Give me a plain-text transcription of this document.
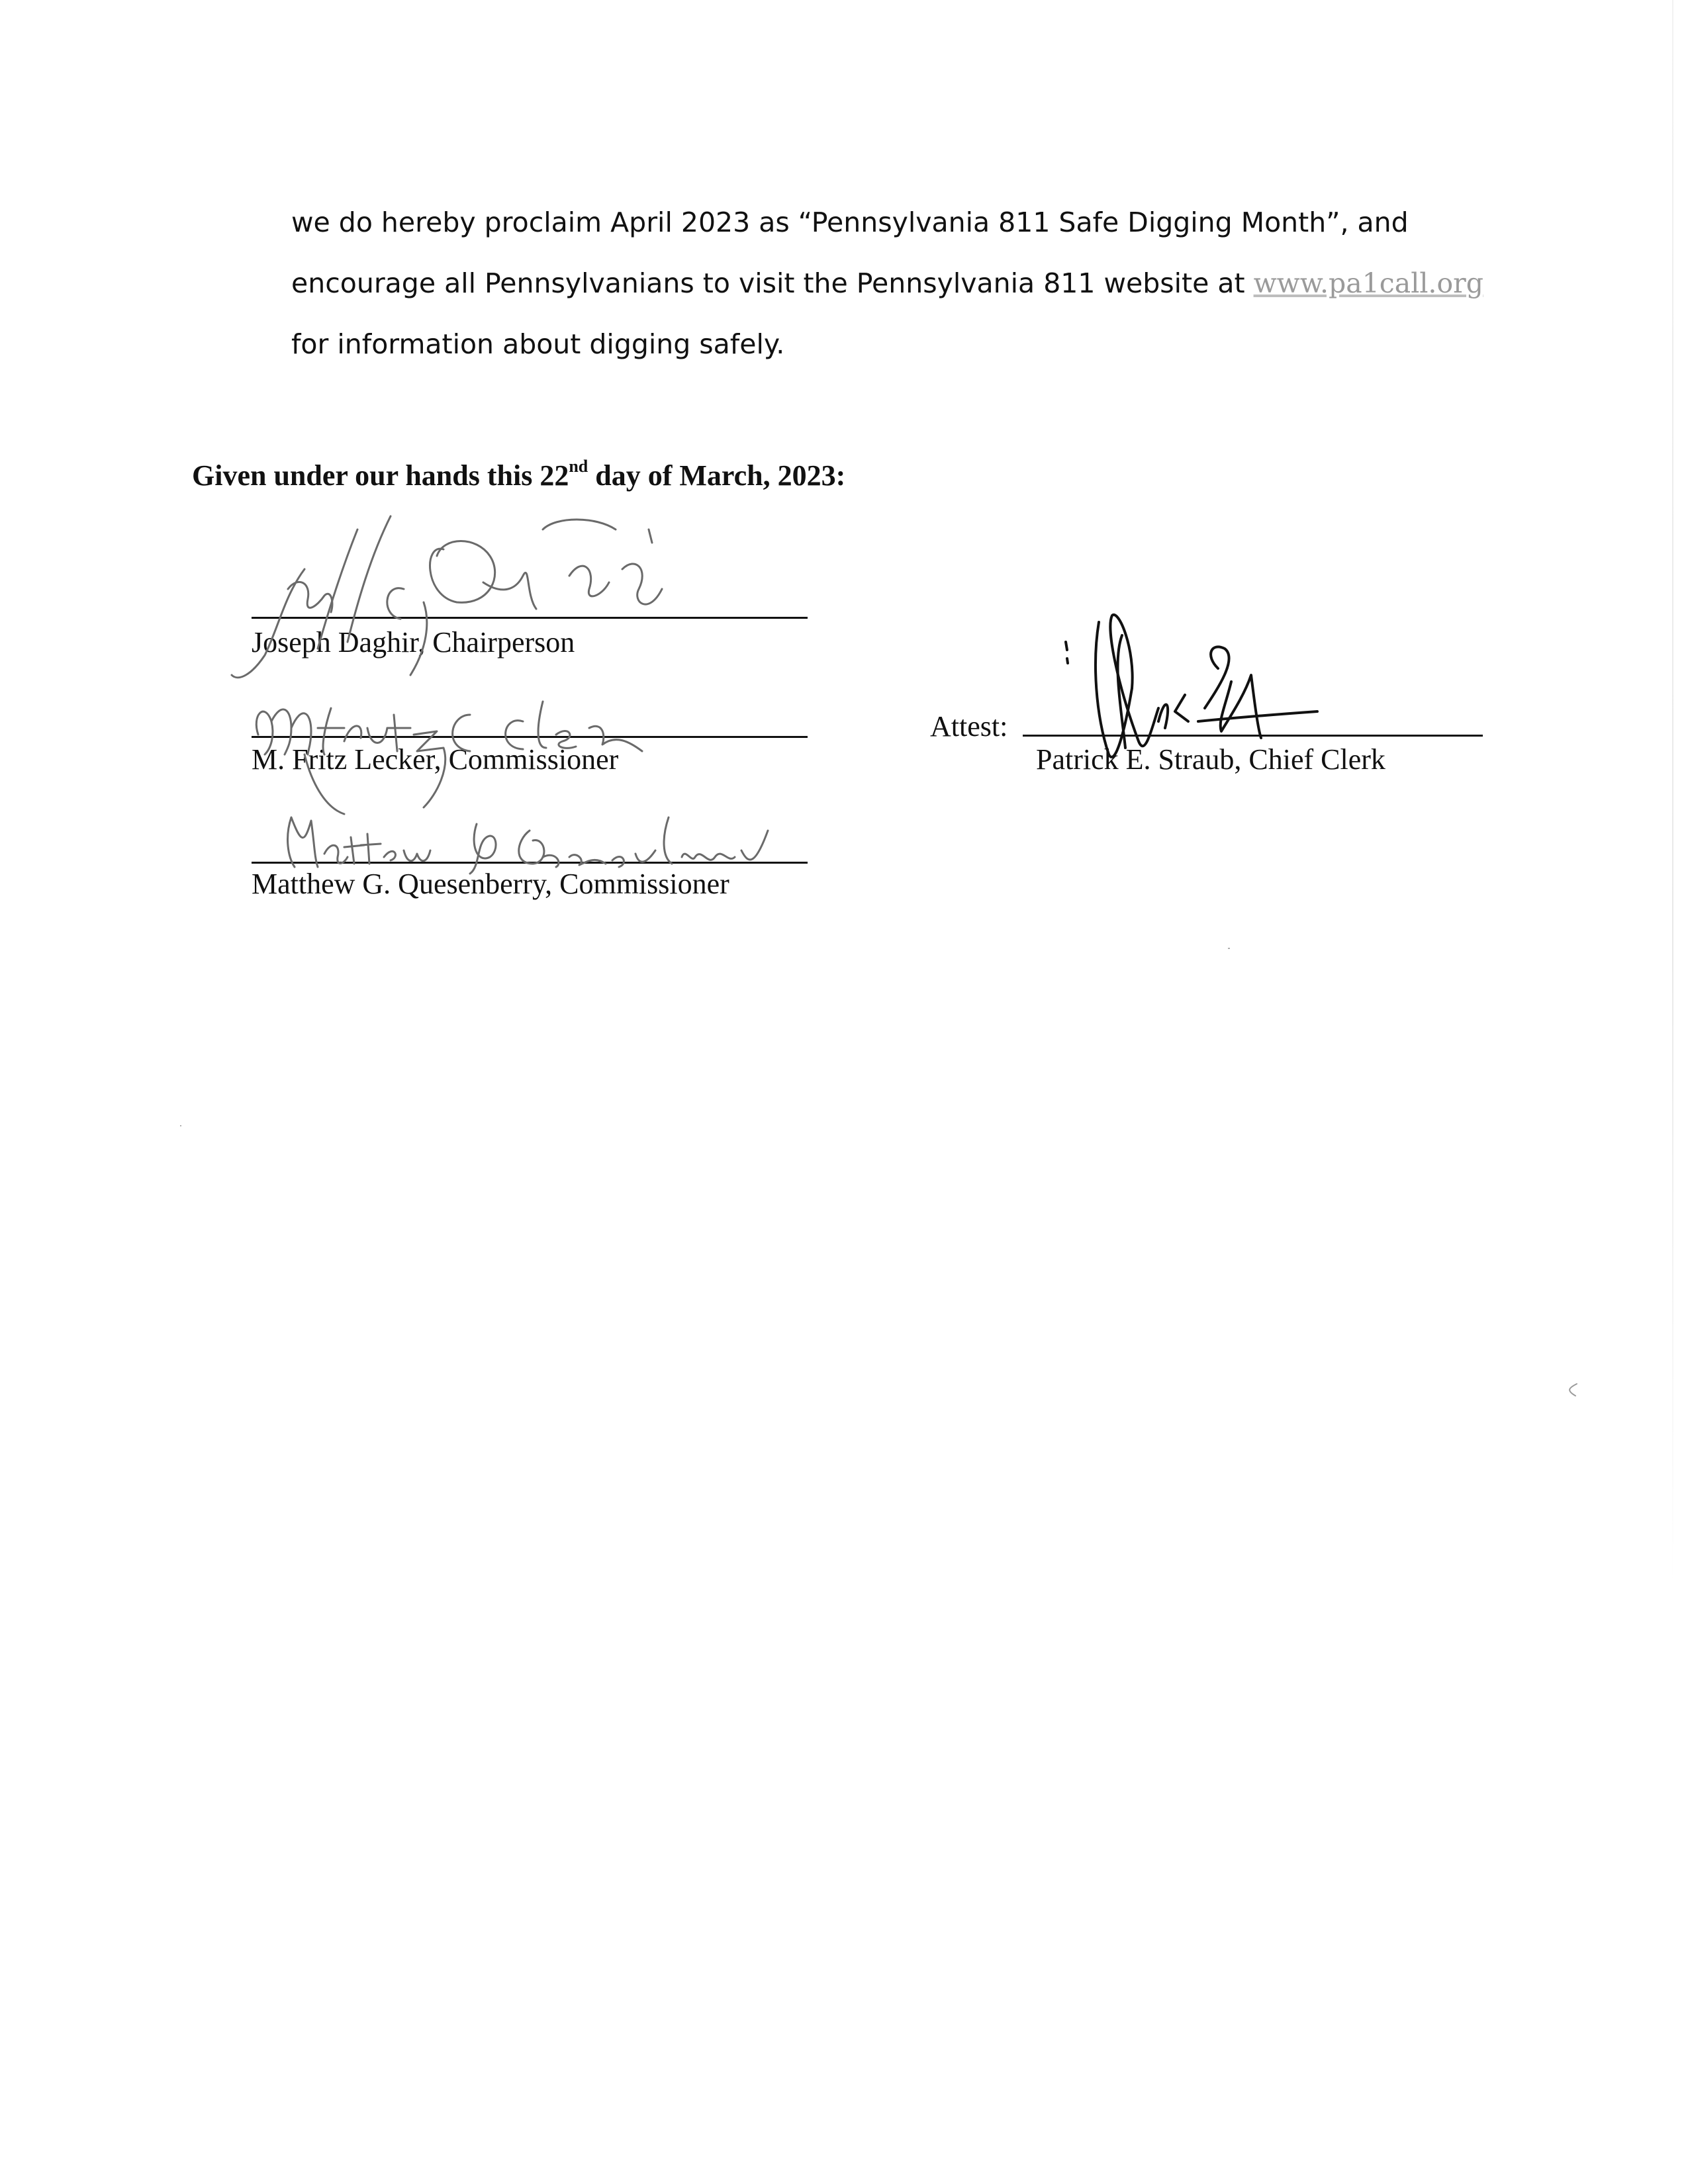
we do hereby proclaim April 2023 as “Pennsylvania 811 Safe Digging Month”, and
encourage all Pennsylvanians to visit the Pennsylvania 811 website at www.pa1call.org
for information about digging safely.
Given under our hands this 22nd day of March, 2023:
Joseph Daghir, Chairperson
M. Fritz Lecker, Commissioner
Matthew G. Quesenberry, Commissioner
Attest:
Patrick E. Straub, Chief Clerk
